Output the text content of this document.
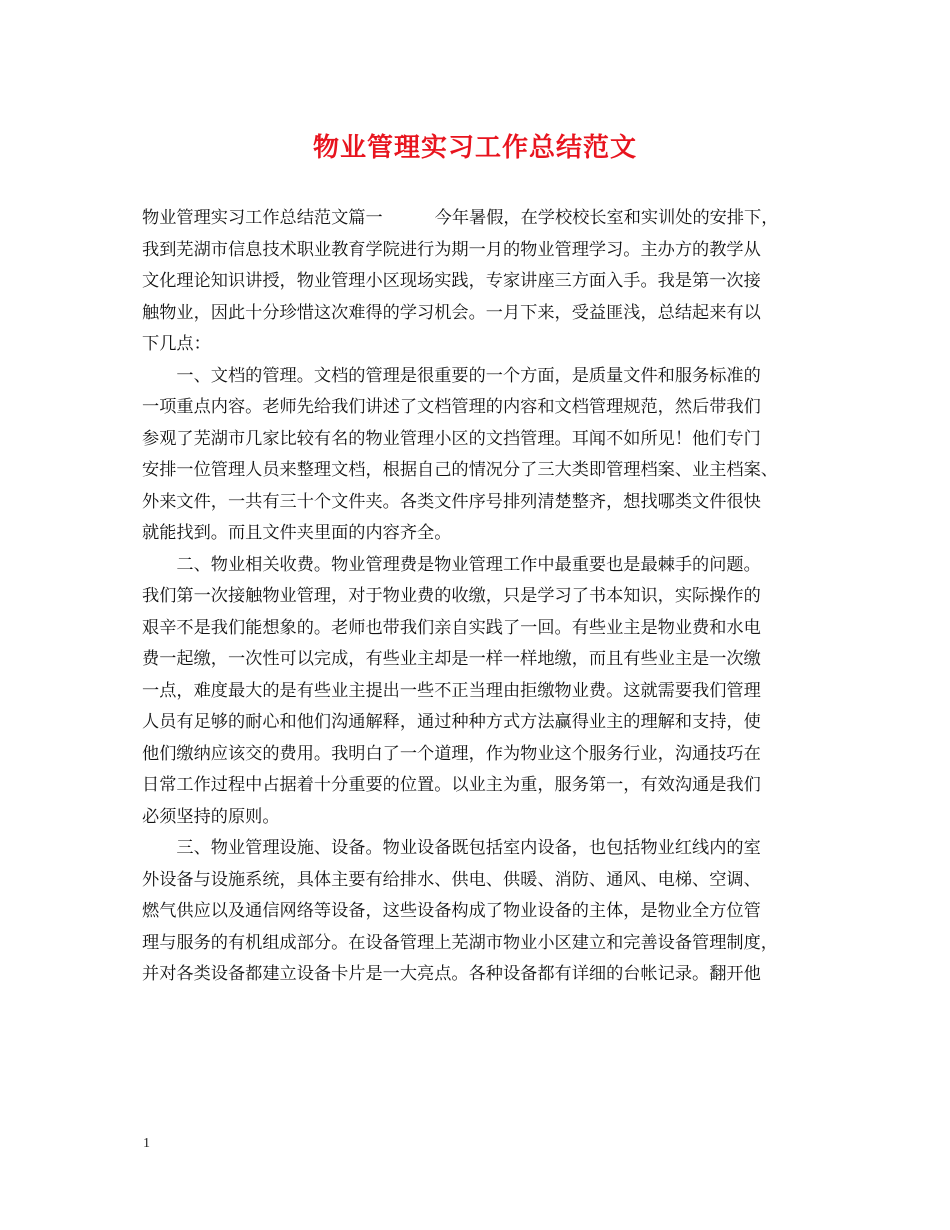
物业管理实习工作总结范文
物业管理实习工作总结范文篇一	今年暑假，在学校校长室和实训处的安排下，
我到芜湖市信息技术职业教育学院进行为期一月的物业管理学习。主办方的教学从
文化理论知识讲授，物业管理小区现场实践，专家讲座三方面入手。我是第一次接
触物业，因此十分珍惜这次难得的学习机会。一月下来，受益匪浅，总结起来有以
下几点：
　　一、文档的管理。文档的管理是很重要的一个方面，是质量文件和服务标准的
一项重点内容。老师先给我们讲述了文档管理的内容和文档管理规范，然后带我们
参观了芜湖市几家比较有名的物业管理小区的文挡管理。耳闻不如所见！他们专门
安排一位管理人员来整理文档，根据自己的情况分了三大类即管理档案、业主档案、
外来文件，一共有三十个文件夹。各类文件序号排列清楚整齐，想找哪类文件很快
就能找到。而且文件夹里面的内容齐全。
　　二、物业相关收费。物业管理费是物业管理工作中最重要也是最棘手的问题。
我们第一次接触物业管理，对于物业费的收缴，只是学习了书本知识，实际操作的
艰辛不是我们能想象的。老师也带我们亲自实践了一回。有些业主是物业费和水电
费一起缴，一次性可以完成，有些业主却是一样一样地缴，而且有些业主是一次缴
一点，难度最大的是有些业主提出一些不正当理由拒缴物业费。这就需要我们管理
人员有足够的耐心和他们沟通解释，通过种种方式方法赢得业主的理解和支持，使
他们缴纳应该交的费用。我明白了一个道理，作为物业这个服务行业，沟通技巧在
日常工作过程中占据着十分重要的位置。以业主为重，服务第一，有效沟通是我们
必须坚持的原则。
　　三、物业管理设施、设备。物业设备既包括室内设备，也包括物业红线内的室
外设备与设施系统，具体主要有给排水、供电、供暖、消防、通风、电梯、空调、
燃气供应以及通信网络等设备，这些设备构成了物业设备的主体，是物业全方位管
理与服务的有机组成部分。在设备管理上芜湖市物业小区建立和完善设备管理制度，
并对各类设备都建立设备卡片是一大亮点。各种设备都有详细的台帐记录。翻开他
1
